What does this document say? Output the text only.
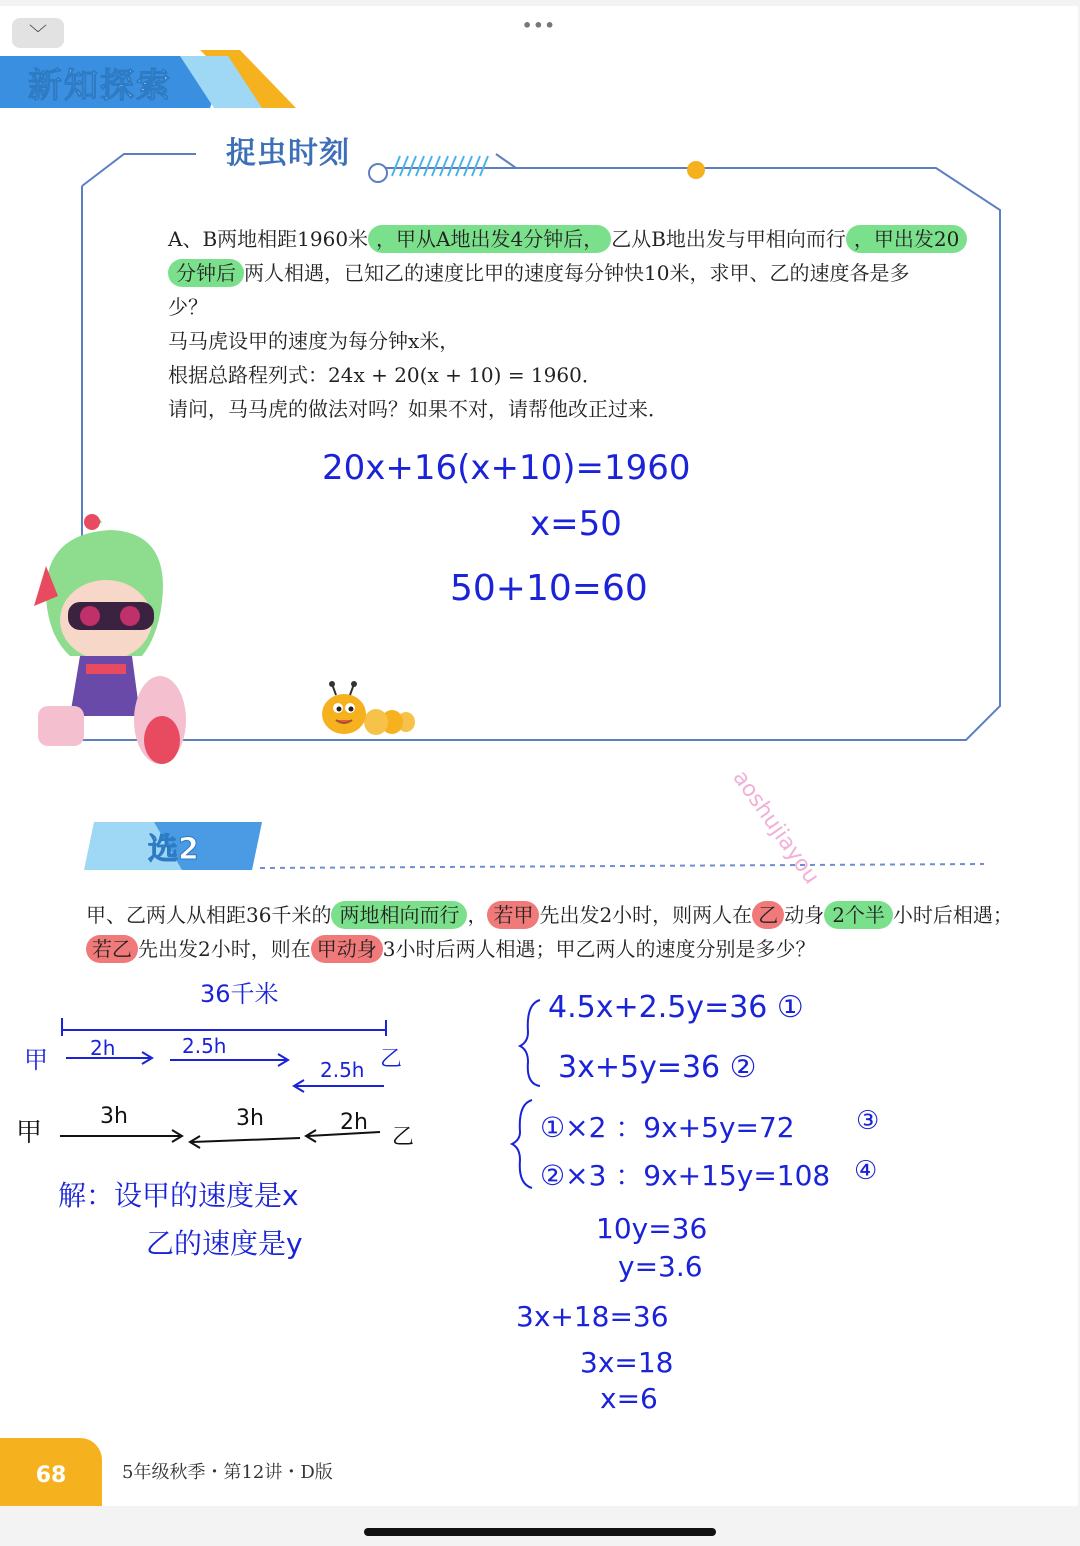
•••
﹀
新知探索
捉虫时刻
A、B两地相距1960米 ，甲从A地出发4分钟后， 乙从B地出发与甲相向而行 ，甲出发20
分钟后 两人相遇，已知乙的速度比甲的速度每分钟快10米，求甲、乙的速度各是多
少？
马马虎设甲的速度为每分钟x米，
根据总路程列式：24x + 20(x + 10) = 1960．
请问，马马虎的做法对吗？如果不对，请帮他改正过来．
20x+16(x+10)=1960
x=50
50+10=60
aoshujiayou
选2
甲、乙两人从相距36千米的 两地相向而行 ， 若甲 先出发2小时，则两人在 乙 动身 2个半 小时后相遇；
若乙 先出发2小时，则在 甲动身 3小时后两人相遇；甲乙两人的速度分别是多少？
36千米
甲	乙
2h	2.5h
2.5h
甲	乙
3h	3h	2h
解：设甲的速度是x
乙的速度是y
4.5x+2.5y=36 ①
3x+5y=36 ②
①×2 ：9x+5y=72 ③
②×3 ：9x+15y=108 ④
10y=36
y=3.6
3x+18=36
3x=18
x=6
68	5年级秋季・第12讲・D版
